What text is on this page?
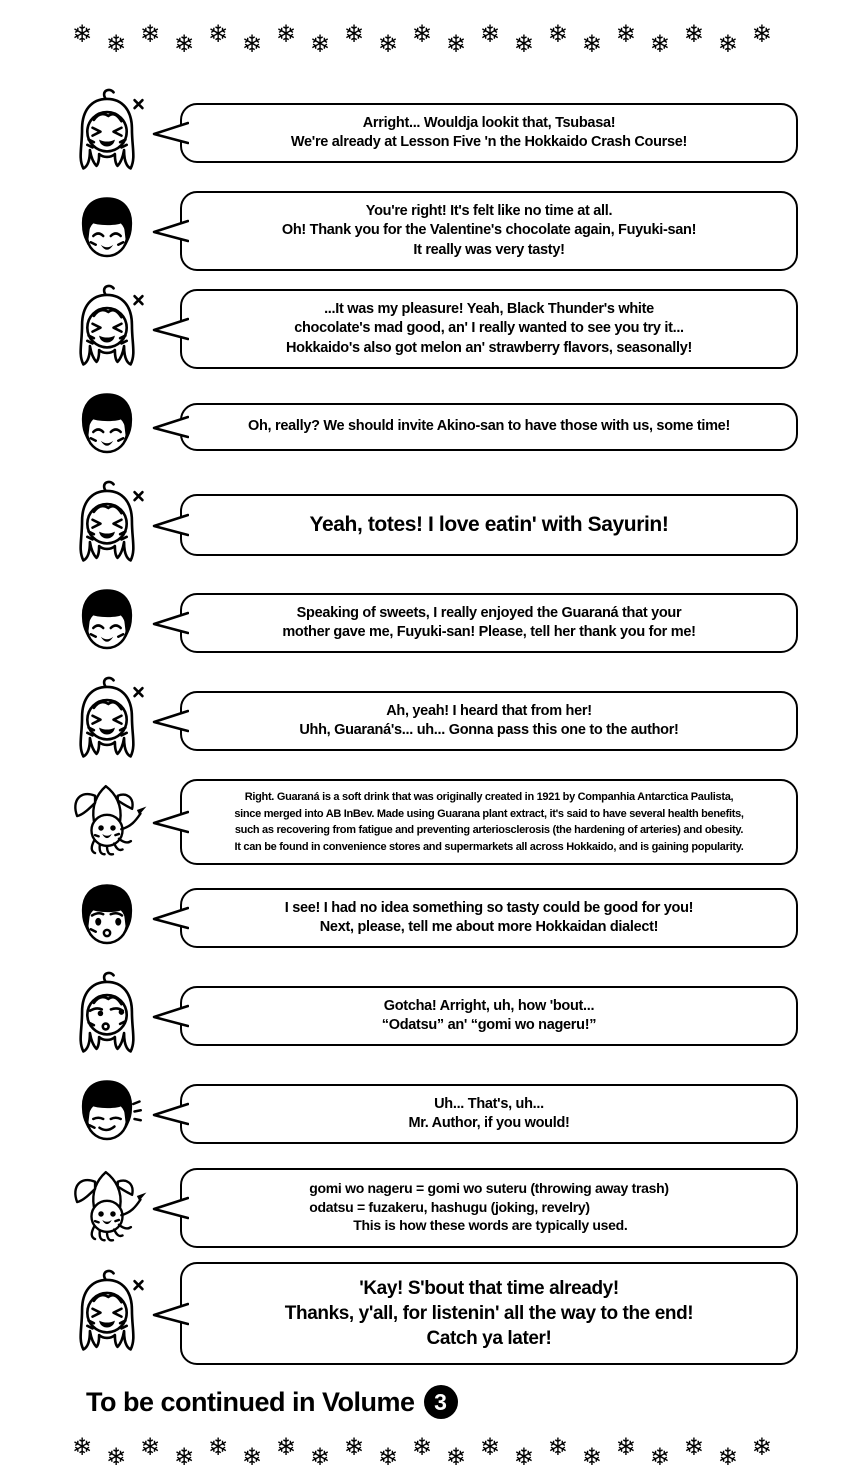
❄ ❄ ❄ ❄ ❄ ❄ ❄ ❄ ❄ ❄ ❄ ❄ ❄ ❄ ❄ ❄ ❄ ❄ ❄ ❄ ❄
Arright... Wouldja lookit that, Tsubasa!
We're already at Lesson Five 'n the Hokkaido Crash Course!
You're right! It's felt like no time at all.
Oh! Thank you for the Valentine's chocolate again, Fuyuki-san!
It really was very tasty!
...It was my pleasure! Yeah, Black Thunder's white
chocolate's mad good, an' I really wanted to see you try it...
Hokkaido's also got melon an' strawberry flavors, seasonally!
Oh, really? We should invite Akino-san to have those with us, some time!
Yeah, totes! I love eatin' with Sayurin!
Speaking of sweets, I really enjoyed the Guaraná that your
mother gave me, Fuyuki-san! Please, tell her thank you for me!
Ah, yeah! I heard that from her!
Uhh, Guaraná's... uh... Gonna pass this one to the author!
Right. Guaraná is a soft drink that was originally created in 1921 by Companhia Antarctica Paulista,
since merged into AB InBev. Made using Guarana plant extract, it's said to have several health benefits,
such as recovering from fatigue and preventing arteriosclerosis (the hardening of arteries) and obesity.
It can be found in convenience stores and supermarkets all across Hokkaido, and is gaining popularity.
I see! I had no idea something so tasty could be good for you!
Next, please, tell me about more Hokkaidan dialect!
Gotcha! Arright, uh, how 'bout...
“Odatsu” an' “gomi wo nageru!”
Uh... That's, uh...
Mr. Author, if you would!
gomi wo nageru = gomi wo suteru (throwing away trash)
odatsu = fuzakeru, hashugu (joking, revelry)
This is how these words are typically used.
'Kay! S'bout that time already!
Thanks, y'all, for listenin' all the way to the end!
Catch ya later!
To be continued in Volume 3
❄ ❄ ❄ ❄ ❄ ❄ ❄ ❄ ❄ ❄ ❄ ❄ ❄ ❄ ❄ ❄ ❄ ❄ ❄ ❄ ❄
